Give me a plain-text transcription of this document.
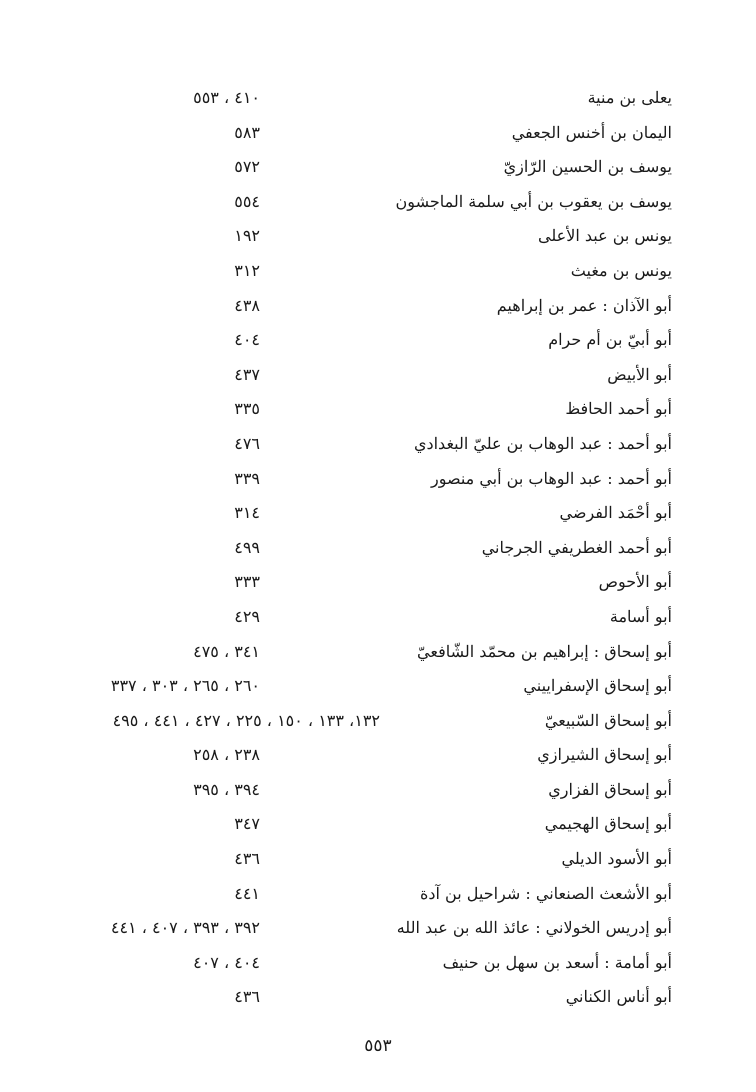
يعلى بن منية
٤١٠ ، ٥٥٣
اليمان بن أخنس الجعفي
٥٨٣
يوسف بن الحسين الرّازيّ
٥٧٢
يوسف بن يعقوب بن أبي سلمة الماجشون
٥٥٤
يونس بن عبد الأعلى
١٩٢
يونس بن مغيث
٣١٢
أبو الآذان : عمر بن إبراهيم
٤٣٨
أبو أبيّ بن أم حرام
٤٠٤
أبو الأبيض
٤٣٧
أبو أحمد الحافظ
٣٣٥
أبو أحمد : عبد الوهاب بن عليّ البغدادي
٤٧٦
أبو أحمد : عبد الوهاب بن أبي منصور
٣٣٩
أبو أحْمَد الفرضي
٣١٤
أبو أحمد الغطريفي الجرجاني
٤٩٩
أبو الأحوص
٣٣٣
أبو أسامة
٤٢٩
أبو إسحاق : إبراهيم بن محمّد الشّافعيّ
٣٤١ ، ٤٧٥
أبو إسحاق الإسفراييني
٢٦٠ ، ٢٦٥ ، ٣٠٣ ، ٣٣٧
أبو إسحاق السّبيعيّ
١٣٢، ١٣٣ ، ١٥٠ ، ٢٢٥ ، ٤٢٧ ، ٤٤١ ، ٤٩٥
أبو إسحاق الشيرازي
٢٣٨ ، ٢٥٨
أبو إسحاق الفزاري
٣٩٤ ، ٣٩٥
أبو إسحاق الهجيمي
٣٤٧
أبو الأسود الديلي
٤٣٦
أبو الأشعث الصنعاني : شراحيل بن آدة
٤٤١
أبو إدريس الخولاني : عائذ الله بن عبد الله
٣٩٢ ، ٣٩٣ ، ٤٠٧ ، ٤٤١
أبو أمامة : أسعد بن سهل بن حنيف
٤٠٤ ، ٤٠٧
أبو أناس الكناني
٤٣٦
٥٥٣
